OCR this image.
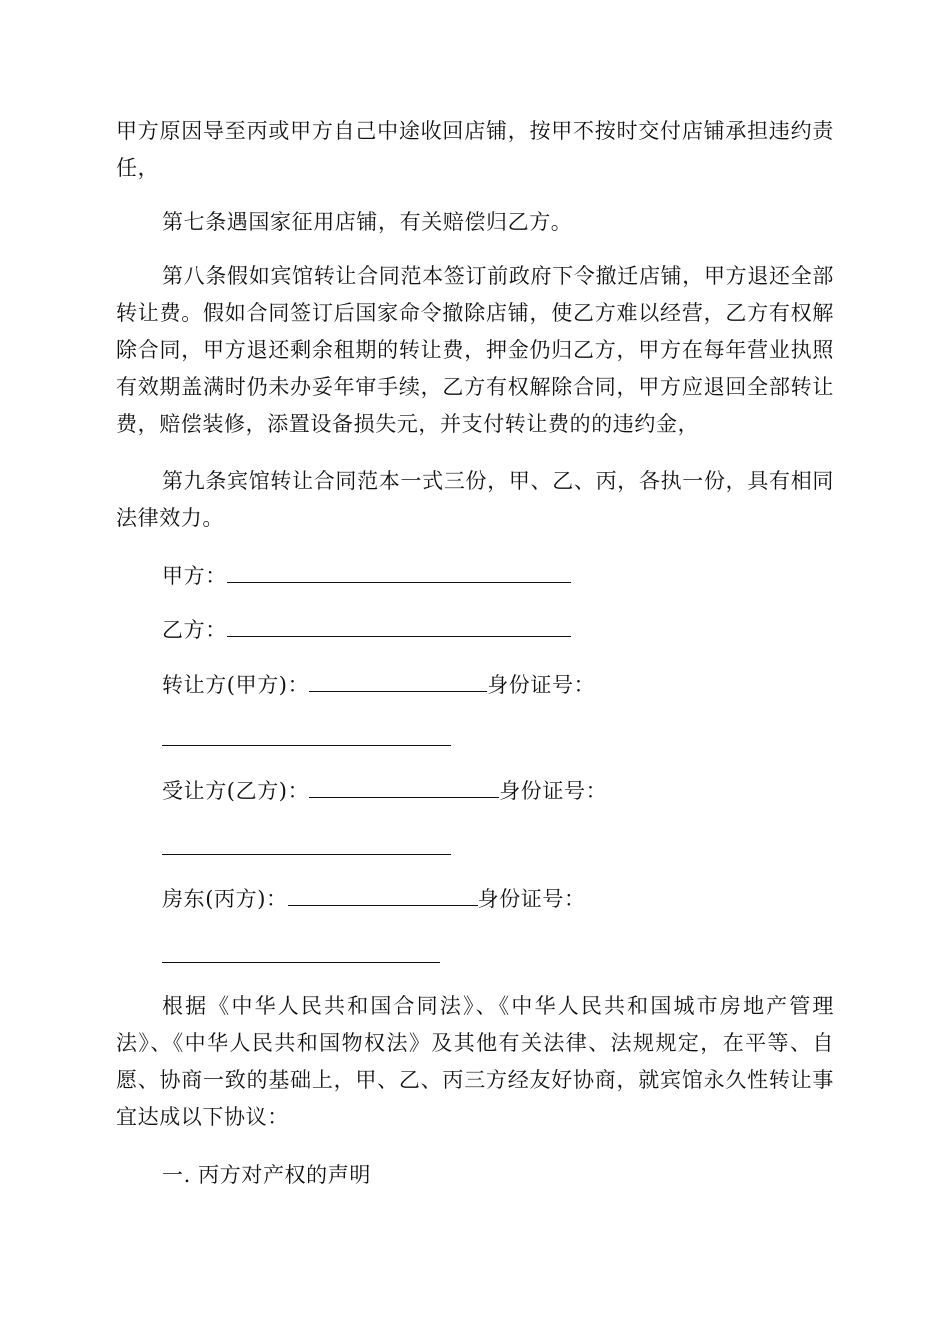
甲方原因导至丙或甲方自己中途收回店铺，按甲不按时交付店铺承担违约责任，

第七条遇国家征用店铺，有关赔偿归乙方。

第八条假如宾馆转让合同范本签订前政府下令撤迁店铺，甲方退还全部转让费。假如合同签订后国家命令撤除店铺，使乙方难以经营，乙方有权解除合同，甲方退还剩余租期的转让费，押金仍归乙方，甲方在每年营业执照有效期盖满时仍未办妥年审手续，乙方有权解除合同，甲方应退回全部转让费，赔偿装修，添置设备损失元，并支付转让费的的违约金，

第九条宾馆转让合同范本一式三份，甲、乙、丙，各执一份，具有相同法律效力。

甲方：
乙方：
转让方(甲方)：	身份证号：
受让方(乙方)：	身份证号：
房东(丙方)：	身份证号：

根据《中华人民共和国合同法》、《中华人民共和国城市房地产管理法》、《中华人民共和国物权法》及其他有关法律、法规规定，在平等、自愿、协商一致的基础上，甲、乙、丙三方经友好协商，就宾馆永久性转让事宜达成以下协议：

一. 丙方对产权的声明
